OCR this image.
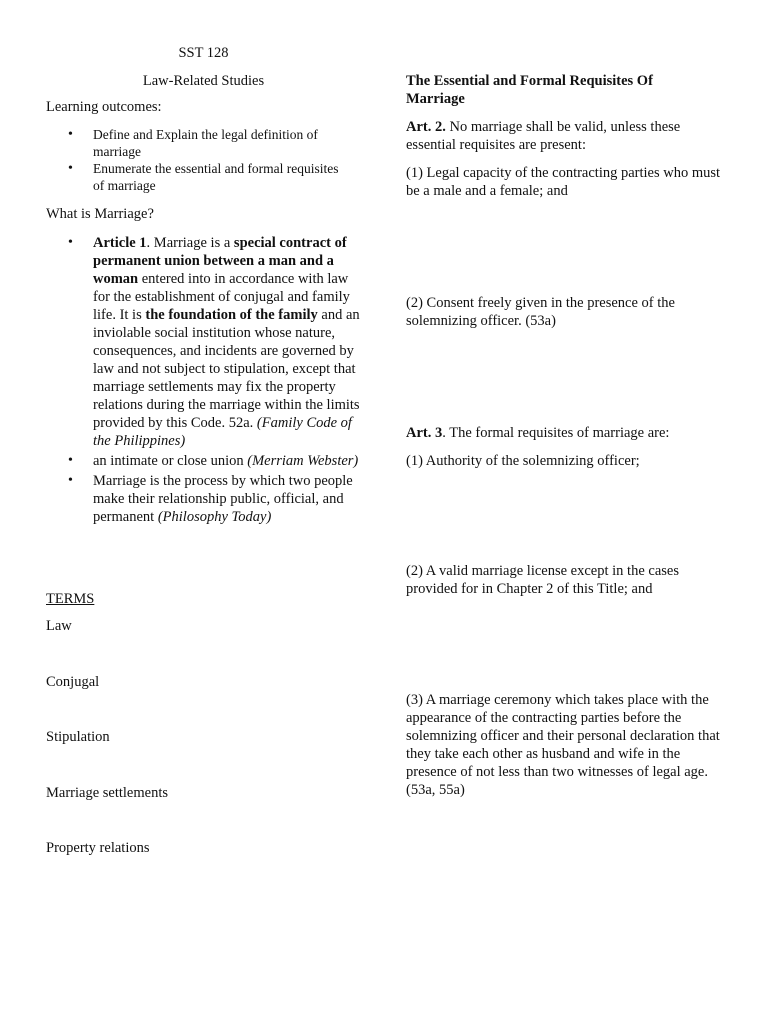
SST 128

Law-Related Studies

Learning outcomes:

• Define and Explain the legal definition of marriage
• Enumerate the essential and formal requisites of marriage

What is Marriage?

• Article 1. Marriage is a special contract of permanent union between a man and a woman entered into in accordance with law for the establishment of conjugal and family life. It is the foundation of the family and an inviolable social institution whose nature, consequences, and incidents are governed by law and not subject to stipulation, except that marriage settlements may fix the property relations during the marriage within the limits provided by this Code. 52a. (Family Code of the Philippines)
• an intimate or close union (Merriam Webster)
• Marriage is the process by which two people make their relationship public, official, and permanent (Philosophy Today)

TERMS

Law

Conjugal

Stipulation

Marriage settlements

Property relations

The Essential and Formal Requisites Of Marriage

Art. 2. No marriage shall be valid, unless these essential requisites are present:

(1) Legal capacity of the contracting parties who must be a male and a female; and

(2) Consent freely given in the presence of the solemnizing officer. (53a)

Art. 3. The formal requisites of marriage are:

(1) Authority of the solemnizing officer;

(2) A valid marriage license except in the cases provided for in Chapter 2 of this Title; and

(3) A marriage ceremony which takes place with the appearance of the contracting parties before the solemnizing officer and their personal declaration that they take each other as husband and wife in the presence of not less than two witnesses of legal age. (53a, 55a)
